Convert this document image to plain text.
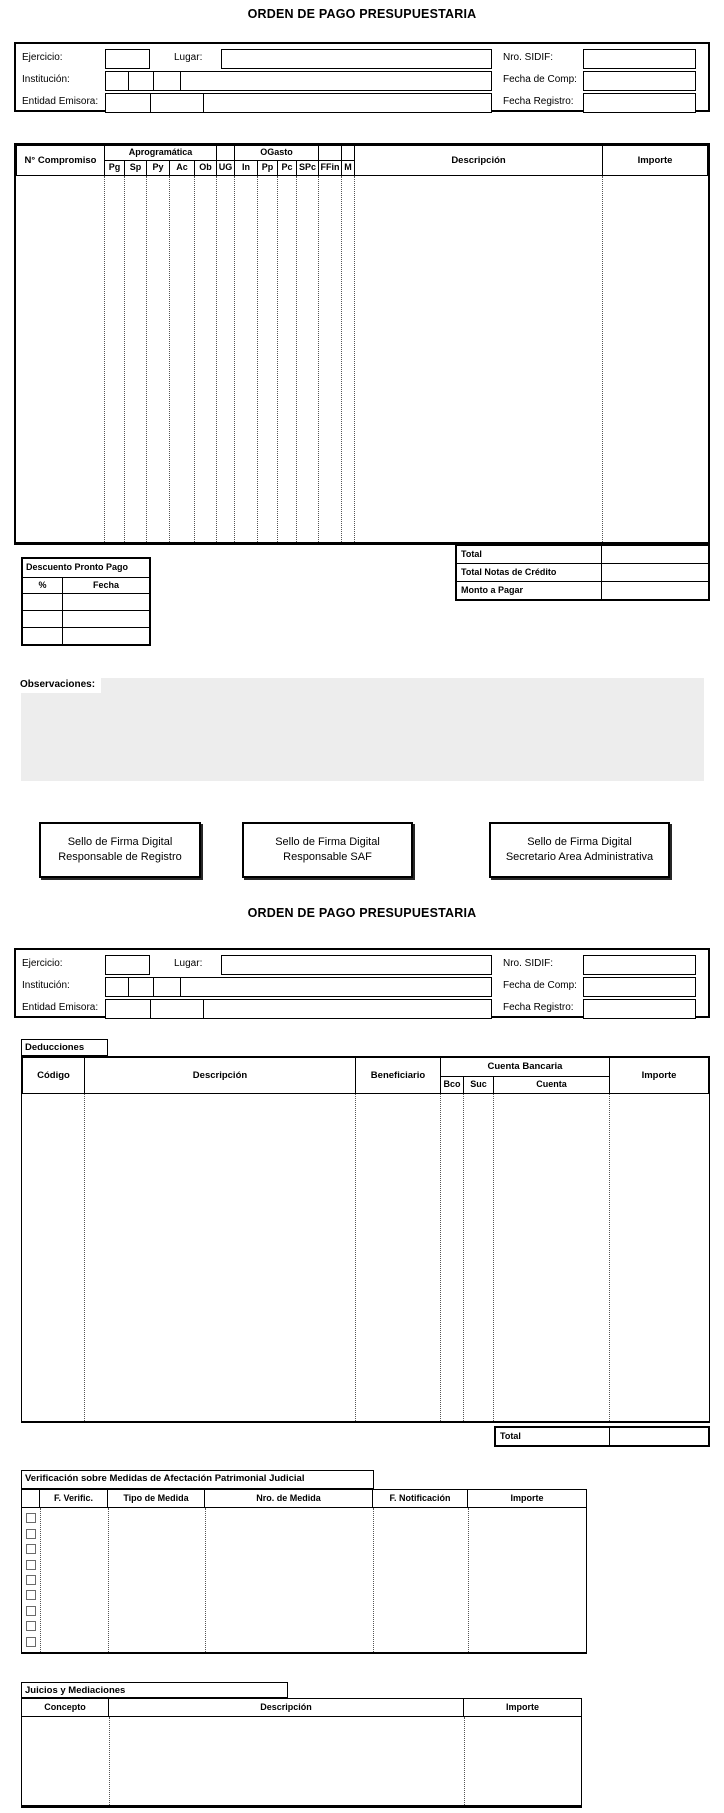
ORDEN DE PAGO PRESUPUESTARIA
Ejercicio:	Lugar:	Nro. SIDIF:
Institución:	Fecha de Comp:
Entidad Emisora:	Fecha Registro:
N° Compromiso	Aprogramática						OGasto						Descripción	Importe
	Pg	Sp	Py	Ac	Ob	UG	In	Pp	Pc	SPc	FFin	M		
Total	
Total Notas de Crédito	
Monto a Pagar	
Descuento Pronto Pago	
%	Fecha

Observaciones:
Sello de Firma Digital
Responsable de Registro
Sello de Firma Digital
Responsable SAF
Sello de Firma Digital
Secretario Area Administrativa
ORDEN DE PAGO PRESUPUESTARIA
Ejercicio:	Lugar:	Nro. SIDIF:
Institución:	Fecha de Comp:
Entidad Emisora:	Fecha Registro:
Deducciones
Código	Descripción	Beneficiario	Cuenta Bancaria			Importe
			Bco	Suc	Cuenta	
Total	
Verificación sobre Medidas de Afectación Patrimonial Judicial
F. Verific.	Tipo de Medida	Nro. de Medida	F. Notificación	Importe
Juicios y Mediaciones
Concepto	Descripción	Importe
